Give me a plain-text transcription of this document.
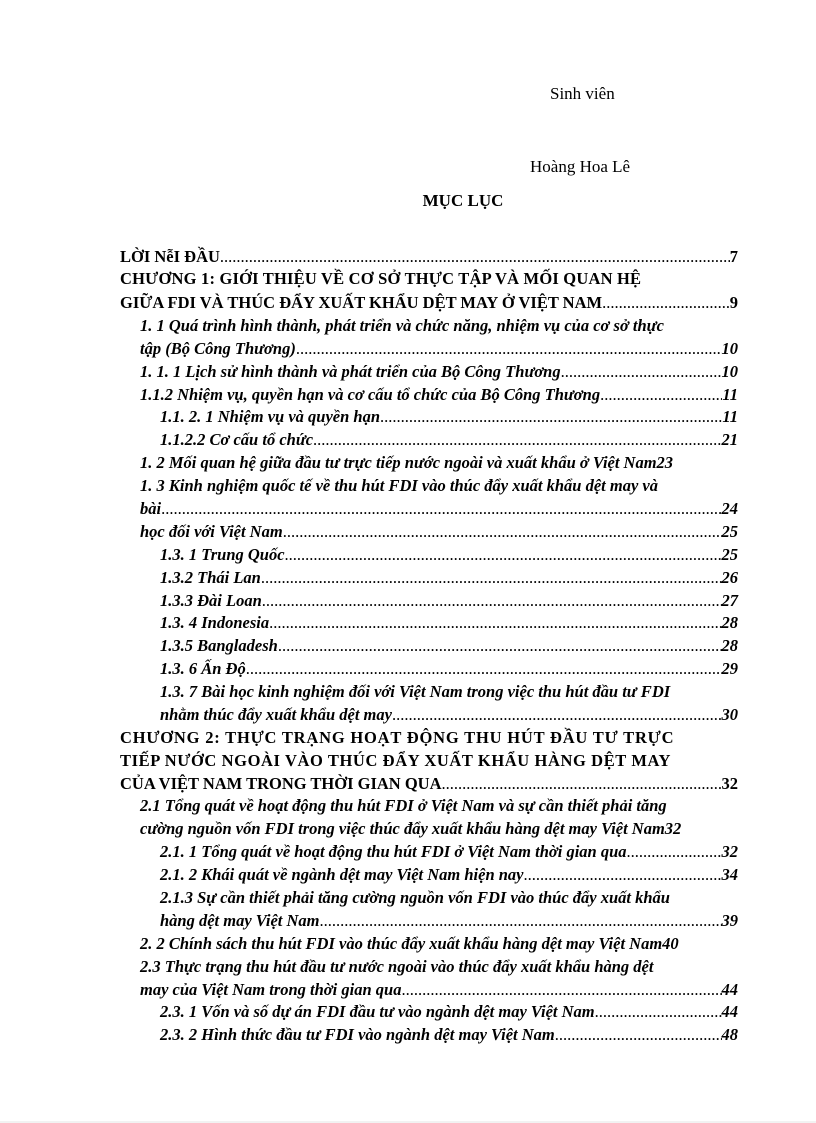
Sinh viên
Hoàng Hoa Lê
MỤC LỤC
LỜI NễI ĐẦU .....	7
CHƯƠNG 1: GIỚI THIỆU VỀ CƠ SỞ THỰC TẬP VÀ MỐI QUAN HỆ
GIỮA FDI VÀ THÚC ĐẨY XUẤT KHẨU DỆT MAY Ở VIỆT NAM .....	9
1. 1 Quá trình hình thành, phát triển và chức năng, nhiệm vụ của cơ sở thực
tập (Bộ Công Thương) .....	10
1. 1. 1 Lịch sử hình thành và phát triển của Bộ Công Thương .....	10
1.1.2 Nhiệm vụ, quyền hạn và cơ cấu tổ chức của Bộ Công Thương .....	11
1.1. 2. 1 Nhiệm vụ và quyền hạn .....	11
1.1.2.2 Cơ cấu tổ chức .....	21
1. 2 Mối quan hệ giữa đầu tư trực tiếp nước ngoài và xuất khẩu ở Việt Nam23
1. 3 Kinh nghiệm quốc tế về thu hút FDI vào thúc đẩy xuất khẩu dệt may và
bài .....	24
học đối với Việt Nam .....	25
1.3. 1 Trung Quốc .....	25
1.3.2 Thái Lan .....	26
1.3.3 Đài Loan .....	27
1.3. 4 Indonesia .....	28
1.3.5 Bangladesh .....	28
1.3. 6 Ấn Độ .....	29
1.3. 7 Bài học kinh nghiệm đối với Việt Nam trong việc thu hút đầu tư FDI
nhằm thúc đẩy xuất khẩu dệt may .....	30
CHƯƠNG 2: THỰC TRẠNG HOẠT ĐỘNG THU HÚT ĐẦU TƯ TRỰC
TIẾP NƯỚC NGOÀI VÀO THÚC ĐẨY XUẤT KHẨU HÀNG DỆT MAY
CỦA VIỆT NAM TRONG THỜI GIAN QUA .....	32
2.1 Tổng quát về hoạt động thu hút FDI ở Việt Nam và sự cần thiết phải tăng
cường nguồn vốn FDI trong việc thúc đẩy xuất khẩu hàng dệt may Việt Nam32
2.1. 1 Tổng quát về hoạt động thu hút FDI ở Việt Nam thời gian qua .....	32
2.1. 2 Khái quát về ngành dệt may Việt Nam hiện nay .....	34
2.1.3 Sự cần thiết phải tăng cường nguồn vốn FDI vào thúc đẩy xuất khẩu
hàng dệt may Việt Nam .....	39
2. 2 Chính sách thu hút FDI vào thúc đẩy xuất khẩu hàng dệt may Việt Nam40
2.3 Thực trạng thu hút đầu tư nước ngoài vào thúc đẩy xuất khẩu hàng dệt
may của Việt Nam trong thời gian qua .....	44
2.3. 1 Vốn và số dự án FDI đầu tư vào ngành dệt may Việt Nam .....	44
2.3. 2 Hình thức đầu tư FDI vào ngành dệt may Việt Nam .....	48
